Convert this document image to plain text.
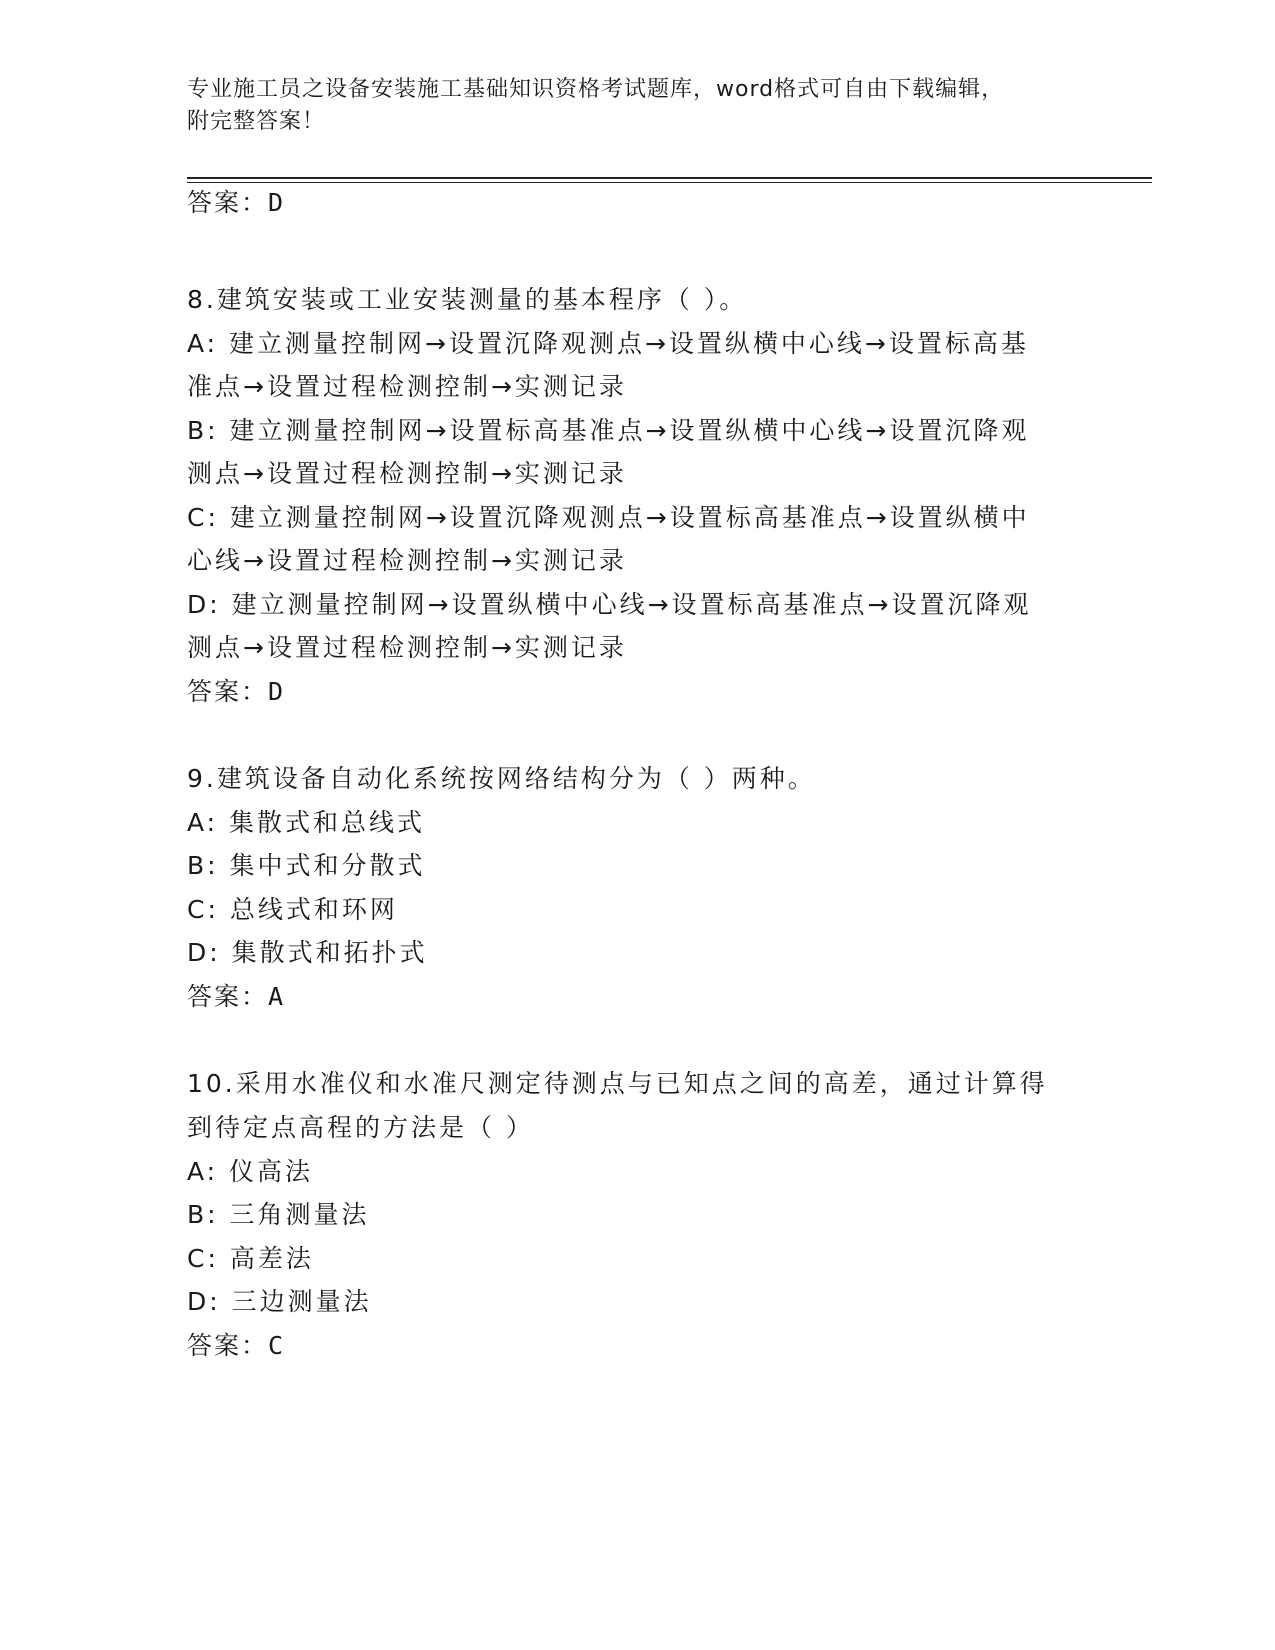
专业施工员之设备安装施工基础知识资格考试题库，word格式可自由下载编辑，
附完整答案！
答案：D
8.建筑安装或工业安装测量的基本程序（ ）。
A: 建立测量控制网→设置沉降观测点→设置纵横中心线→设置标高基
准点→设置过程检测控制→实测记录
B: 建立测量控制网→设置标高基准点→设置纵横中心线→设置沉降观
测点→设置过程检测控制→实测记录
C: 建立测量控制网→设置沉降观测点→设置标高基准点→设置纵横中
心线→设置过程检测控制→实测记录
D: 建立测量控制网→设置纵横中心线→设置标高基准点→设置沉降观
测点→设置过程检测控制→实测记录
答案：D
9.建筑设备自动化系统按网络结构分为（ ）两种。
A: 集散式和总线式
B: 集中式和分散式
C: 总线式和环网
D: 集散式和拓扑式
答案：A
10.采用水准仪和水准尺测定待测点与已知点之间的高差，通过计算得
到待定点高程的方法是（ ）
A: 仪高法
B: 三角测量法
C: 高差法
D: 三边测量法
答案：C
